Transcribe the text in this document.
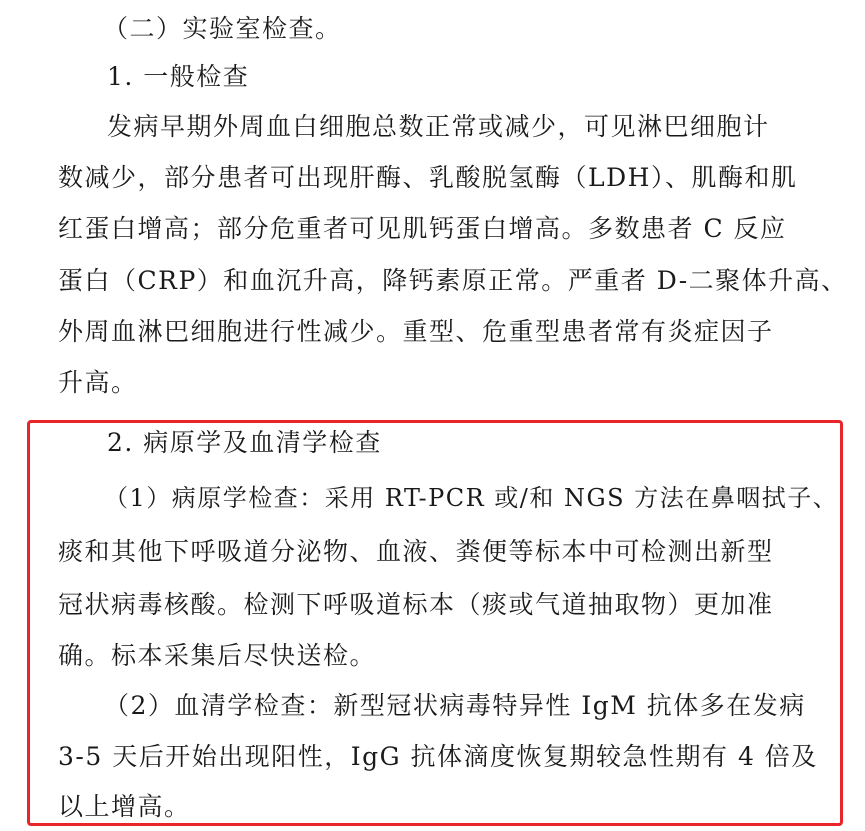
（二）实验室检查。
1. 一般检查
发病早期外周血白细胞总数正常或减少，可见淋巴细胞计
数减少，部分患者可出现肝酶、乳酸脱氢酶（LDH）、肌酶和肌
红蛋白增高；部分危重者可见肌钙蛋白增高。多数患者 C 反应
蛋白（CRP）和血沉升高，降钙素原正常。严重者 D-二聚体升高、
外周血淋巴细胞进行性减少。重型、危重型患者常有炎症因子
升高。
2. 病原学及血清学检查
（1）病原学检查：采用 RT-PCR 或/和 NGS 方法在鼻咽拭子、
痰和其他下呼吸道分泌物、血液、粪便等标本中可检测出新型
冠状病毒核酸。检测下呼吸道标本（痰或气道抽取物）更加准
确。标本采集后尽快送检。
（2）血清学检查：新型冠状病毒特异性 IgM 抗体多在发病
3-5 天后开始出现阳性，IgG 抗体滴度恢复期较急性期有 4 倍及
以上增高。
